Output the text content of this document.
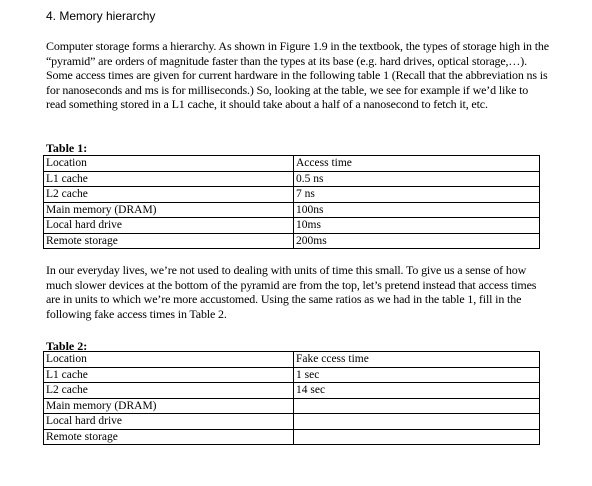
4. Memory hierarchy
Computer storage forms a hierarchy. As shown in Figure 1.9 in the textbook, the types of storage high in the “pyramid” are orders of magnitude faster than the types at its base (e.g. hard drives, optical storage,…). Some access times are given for current hardware in the following table 1 (Recall that the abbreviation ns is for nanoseconds and ms is for milliseconds.) So, looking at the table, we see for example if we’d like to read something stored in a L1 cache, it should take about a half of a nanosecond to fetch it, etc.
Table 1:
Location	Access time
L1 cache	0.5 ns
L2 cache	7 ns
Main memory (DRAM)	100ns
Local hard drive	10ms
Remote storage	200ms
In our everyday lives, we’re not used to dealing with units of time this small. To give us a sense of how much slower devices at the bottom of the pyramid are from the top, let’s pretend instead that access times are in units to which we’re more accustomed. Using the same ratios as we had in the table 1, fill in the following fake access times in Table 2.
Table 2:
Location	Fake ccess time
L1 cache	1 sec
L2 cache	14 sec
Main memory (DRAM)	
Local hard drive	
Remote storage	
